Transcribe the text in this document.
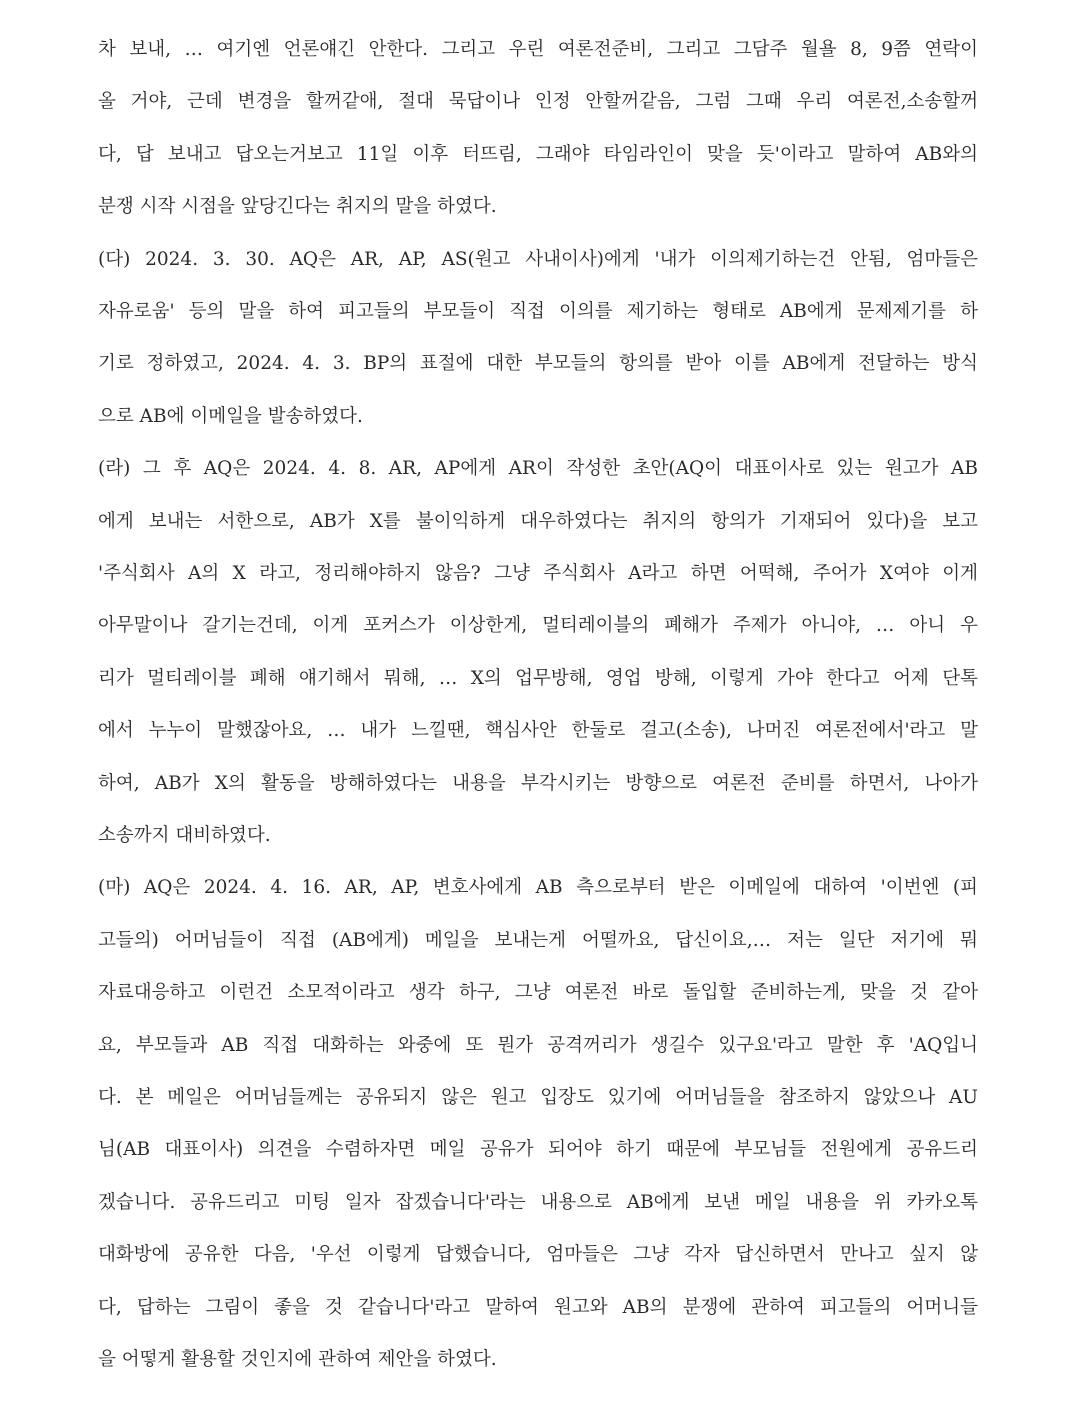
차 보내, … 여기엔 언론얘긴 안한다. 그리고 우린 여론전준비, 그리고 그담주 월욜 8, 9쯤 연락이
올 거야, 근데 변경을 할꺼같애, 절대 묵답이나 인정 안할꺼같음, 그럼 그때 우리 여론전,소송할꺼
다, 답 보내고 답오는거보고 11일 이후 터뜨림, 그래야 타임라인이 맞을 듯'이라고 말하여 AB와의
분쟁 시작 시점을 앞당긴다는 취지의 말을 하였다.
(다) 2024. 3. 30. AQ은 AR, AP, AS(원고 사내이사)에게 '내가 이의제기하는건 안됨, 엄마들은
자유로움' 등의 말을 하여 피고들의 부모들이 직접 이의를 제기하는 형태로 AB에게 문제제기를 하
기로 정하였고, 2024. 4. 3. BP의 표절에 대한 부모들의 항의를 받아 이를 AB에게 전달하는 방식
으로 AB에 이메일을 발송하였다.
(라) 그 후 AQ은 2024. 4. 8. AR, AP에게 AR이 작성한 초안(AQ이 대표이사로 있는 원고가 AB
에게 보내는 서한으로, AB가 X를 불이익하게 대우하였다는 취지의 항의가 기재되어 있다)을 보고
'주식회사 A의 X 라고, 정리해야하지 않음? 그냥 주식회사 A라고 하면 어떡해, 주어가 X여야 이게
아무말이나 갈기는건데, 이게 포커스가 이상한게, 멀티레이블의 폐해가 주제가 아니야, … 아니 우
리가 멀티레이블 폐해 얘기해서 뭐해, … X의 업무방해, 영업 방해, 이렇게 가야 한다고 어제 단톡
에서 누누이 말했잖아요, … 내가 느낄땐, 핵심사안 한둘로 걸고(소송), 나머진 여론전에서'라고 말
하여, AB가 X의 활동을 방해하였다는 내용을 부각시키는 방향으로 여론전 준비를 하면서, 나아가
소송까지 대비하였다.
(마) AQ은 2024. 4. 16. AR, AP, 변호사에게 AB 측으로부터 받은 이메일에 대하여 '이번엔 (피
고들의) 어머님들이 직접 (AB에게) 메일을 보내는게 어떨까요, 답신이요,… 저는 일단 저기에 뭐
자료대응하고 이런건 소모적이라고 생각 하구, 그냥 여론전 바로 돌입할 준비하는게, 맞을 것 같아
요, 부모들과 AB 직접 대화하는 와중에 또 뭔가 공격꺼리가 생길수 있구요'라고 말한 후 'AQ입니
다. 본 메일은 어머님들께는 공유되지 않은 원고 입장도 있기에 어머님들을 참조하지 않았으나 AU
님(AB 대표이사) 의견을 수렴하자면 메일 공유가 되어야 하기 때문에 부모님들 전원에게 공유드리
겠습니다. 공유드리고 미팅 일자 잡겠습니다'라는 내용으로 AB에게 보낸 메일 내용을 위 카카오톡
대화방에 공유한 다음, '우선 이렇게 답했습니다, 엄마들은 그냥 각자 답신하면서 만나고 싶지 않
다, 답하는 그림이 좋을 것 같습니다'라고 말하여 원고와 AB의 분쟁에 관하여 피고들의 어머니들
을 어떻게 활용할 것인지에 관하여 제안을 하였다.
